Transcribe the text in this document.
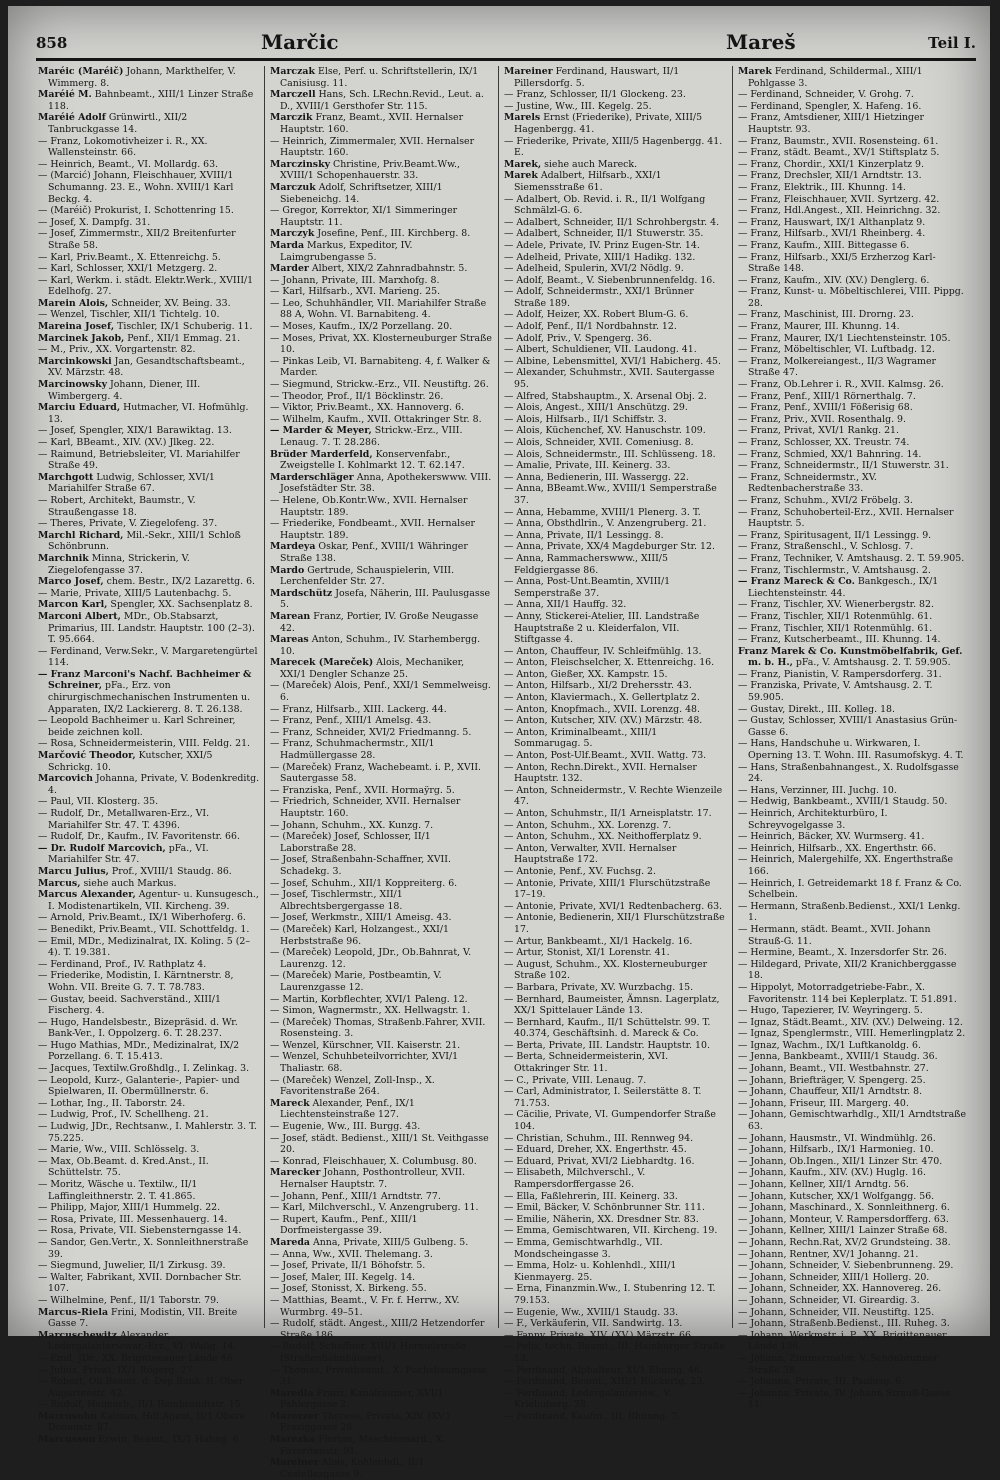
858	Marčic	Mareš	Teil I.

Maréic (Maréič) Johann, Markthelfer, V. Wimmerg. 8.

Maréié M. Bahnbeamt., XIII/1 Linzer Straße 118.

Maréié Adolf Grünwirtl., XII/2 Tanbruckgasse 14.

— Franz, Lokomotivheizer i. R., XX. Wallensteinstr. 66.

— Heinrich, Beamt., VI. Mollardg. 63.

— (Marcić) Johann, Fleischhauer, XVIII/1 Schumanng. 23. E., Wohn. XVIII/1 Karl Beckg. 4.

— (Maréič) Prokurist, I. Schottenring 15.

— Josef, X. Dampfg. 31.

— Josef, Zimmermstr., XII/2 Breitenfurter Straße 58.

— Karl, Priv.Beamt., X. Ettenreichg. 5.

— Karl, Schlosser, XXI/1 Metzgerg. 2.

— Karl, Werkm. i. städt. Elektr.Werk., XVIII/1 Edelhofg. 27.

Marein Alois, Schneider, XV. Being. 33.

— Wenzel, Tischler, XII/1 Tichtelg. 10.

Mareina Josef, Tischler, IX/1 Schuberig. 11.

Marcinek Jakob, Penf., XII/1 Emmag. 21.

— M., Priv., XX. Vorgartenstr. 82.

Marcinkowski Jan, Gesandtschaftsbeamt., XV. Märzstr. 48.

Marcinowsky Johann, Diener, III. Wimbergerg. 4.

Marciu Eduard, Hutmacher, VI. Hofmühlg. 13.

— Josef, Spengler, XIX/1 Barawiktag. 13.

— Karl, BBeamt., XIV. (XV.) Jlkeg. 22.

— Raimund, Betriebsleiter, VI. Mariahilfer Straße 49.

Marchgott Ludwig, Schlosser, XVI/1 Mariahilfer Straße 67.

— Robert, Architekt, Baumstr., V. Straußengasse 18.

— Theres, Private, V. Ziegelofeng. 37.

Marchl Richard, Mil.-Sekr., XIII/1 Schloß Schönbrunn.

Marchnik Minna, Strickerin, V. Ziegelofengasse 37.

Marco Josef, chem. Bestr., IX/2 Lazarettg. 6.

— Marie, Private, XIII/5 Lautenbachg. 5.

Marcon Karl, Spengler, XX. Sachsenplatz 8.

Marconi Albert, MDr., Ob.Stabsarzt, Primarius, III. Landstr. Hauptstr. 100 (2–3). T. 95.664.

— Ferdinand, Verw.Sekr., V. Margaretengürtel 114.

— Franz Marconi's Nachf. Bachheimer & Schreiner, pFa., Erz. von chirurgischmechanischen Instrumenten u. Apparaten, IX/2 Lackiererg. 8. T. 26.138.

— Leopold Bachheimer u. Karl Schreiner, beide zeichnen koll.

— Rosa, Schneidermeisterin, VIII. Feldg. 21.

Marčović Theodor, Kutscher, XXI/5 Schrickg. 10.

Marcovich Johanna, Private, V. Bodenkreditg. 4.

— Paul, VII. Klosterg. 35.

— Rudolf, Dr., Metallwaren-Erz., VI. Mariahilfer Str. 47. T. 4396.

— Rudolf, Dr., Kaufm., IV. Favoritenstr. 66.

— Dr. Rudolf Marcovich, pFa., VI. Mariahilfer Str. 47.

Marcu Julius, Prof., XVIII/1 Staudg. 86.

Marcus, siehe auch Markus.

Marcus Alexander, Agentur- u. Kunsugesch., I. Modistenartikeln, VII. Kircheng. 39.

— Arnold, Priv.Beamt., IX/1 Wiberhoferg. 6.

— Benedikt, Priv.Beamt., VII. Schottfeldg. 1.

— Emil, MDr., Medizinalrat, IX. Koling. 5 (2–4). T. 19.381.

— Ferdinand, Prof., IV. Rathplatz 4.

— Friederike, Modistin, I. Kärntnerstr. 8, Wohn. VII. Breite G. 7. T. 78.783.

— Gustav, beeid. Sachverständ., XIII/1 Fischerg. 4.

— Hugo, Handelsbestr., Bizepräsid. d. Wr. Bank-Ver., I. Oppolzerg. 6. T. 28.237.

— Hugo Mathias, MDr., Medizinalrat, IX/2 Porzellang. 6. T. 15.413.

— Jacques, Textilw.Großhdlg., I. Zelinkag. 3.

— Leopold, Kurz-, Galanterie-, Papier- und Spielwaren, II. Obermüllnerstr. 6.

— Lothar, Ing., II. Taborstr. 24.

— Ludwig, Prof., IV. Schellheng. 21.

— Ludwig, JDr., Rechtsanw., I. Mahlerstr. 3. T. 75.225.

— Marie, Ww., VIII. Schlösselg. 3.

— Max, Ob.Beamt. d. Kred.Anst., II. Schüttelstr. 75.

— Moritz, Wäsche u. Textilw., II/1 Laffingleithnerstr. 2. T. 41.865.

— Philipp, Major, XIII/1 Hummelg. 22.

— Rosa, Private, III. Messenhauerg. 14.

— Rosa, Private, VII. Siebensterngasse 14.

— Sandor, Gen.Vertr., X. Sonnleithnerstraße 39.

— Siegmund, Juwelier, II/1 Zirkusg. 39.

— Walter, Fabrikant, XVII. Dornbacher Str. 107.

— Wilhelmine, Penf., II/1 Taborstr. 79.

Marcus-Riela Frini, Modistin, VII. Breite Gasse 7.

Marcuschewitz Alexander, Ledergalanteriewar.-Erz., VI. Wallg. 14.

— Emil, JDr., XX. Brigittenauer Lände 46.

— Julius, Privat, IX/1 Rögerg. 27.

— Robert, Ob.Beamt. d. Dep.Bank, II. Ober Augartenstr. 42.

— Rudolf, Heimarb., II/1 Rembrandtstr. 15.

Marcusohn Kalman, Hdl.Agent, II/1 Obere Donaustr. 87.

Marcusson Erwin, Beamt., IX/1 Hahng. 6.

Marczak Else, Perf. u. Schriftstellerin, IX/1 Canisiusg. 11.

Marczell Hans, Sch. LRechn.Revid., Leut. a. D., XVIII/1 Gersthofer Str. 115.

Marczik Franz, Beamt., XVII. Hernalser Hauptstr. 160.

— Heinrich, Zimmermaler, XVII. Hernalser Hauptstr. 160.

Marczinsky Christine, Priv.Beamt.Ww., XVIII/1 Schopenhauerstr. 33.

Marczuk Adolf, Schriftsetzer, XIII/1 Siebeneichg. 14.

— Gregor, Korrektor, XI/1 Simmeringer Hauptstr. 11.

Marczyk Josefine, Penf., III. Kirchberg. 8.

Marda Markus, Expeditor, IV. Laimgrubengasse 5.

Marder Albert, XIX/2 Zahnradbahnstr. 5.

— Johann, Private, III. Marxhofg. 8.

— Karl, Hilfsarb., XVI. Marieng. 25.

— Leo, Schuhhändler, VII. Mariahilfer Straße 88 A, Wohn. VI. Barnabiteng. 4.

— Moses, Kaufm., IX/2 Porzellang. 20.

— Moses, Privat, XX. Klosterneuburger Straße 10.

— Pinkas Leib, VI. Barnabiteng. 4, f. Walker & Marder.

— Siegmund, Strickw.-Erz., VII. Neustiftg. 26.

— Theodor, Prof., II/1 Böcklinstr. 26.

— Viktor, Priv.Beamt., XX. Hannoverg. 6.

— Wilhelm, Kaufm., XVII. Ottakringer Str. 8.

— Marder & Meyer, Strickw.-Erz., VIII. Lenaug. 7. T. 28.286.

Brüder Marderfeld, Konservenfabr., Zweigstelle I. Kohlmarkt 12. T. 62.147.

Marderschläger Anna, Apothekerswww. VIII. Josefstädter Str. 38.

— Helene, Ob.Kontr.Ww., XVII. Hernalser Hauptstr. 189.

— Friederike, Fondbeamt., XVII. Hernalser Hauptstr. 189.

Mardeya Oskar, Penf., XVIII/1 Währinger Straße 138.

Mardo Gertrude, Schauspielerin, VIII. Lerchenfelder Str. 27.

Mardschütz Josefa, Näherin, III. Paulusgasse 5.

Marean Franz, Portier, IV. Große Neugasse 42.

Mareas Anton, Schuhm., IV. Starhembergg. 10.

Marecek (Mareček) Alois, Mechaniker, XXI/1 Dengler Schanze 25.

— (Mareček) Alois, Penf., XXI/1 Semmelweisg. 6.

— Franz, Hilfsarb., XIII. Lackerg. 44.

— Franz, Penf., XIII/1 Amelsg. 43.

— Franz, Schneider, XVI/2 Friedmanng. 5.

— Franz, Schuhmachermstr., XII/1 Hadmüllergasse 28.

— (Mareček) Franz, Wachebeamt. i. P., XVII. Sautergasse 58.

— Franziska, Penf., XVII. Hormaÿrg. 5.

— Friedrich, Schneider, XVII. Hernalser Hauptstr. 160.

— Johann, Schuhm., XX. Kunzg. 7.

— (Mareček) Josef, Schlosser, II/1 Laborstraße 28.

— Josef, Straßenbahn-Schaffner, XVII. Schadekg. 3.

— Josef, Schuhm., XII/1 Koppreiterg. 6.

— Josef, Tischlermstr., XII/1 Albrechtsbergergasse 18.

— Josef, Werkmstr., XIII/1 Ameisg. 43.

— (Mareček) Karl, Holzangest., XXI/1 Herbststraße 96.

— (Mareček) Leopold, JDr., Ob.Bahnrat, V. Laurenzg. 12.

— (Mareček) Marie, Postbeamtin, V. Laurenzgasse 12.

— Martin, Korbflechter, XVI/1 Paleng. 12.

— Simon, Wagnermstr., XX. Hellwagstr. 1.

— (Mareček) Thomas, Straßenb.Fahrer, XVII. Rosensteing. 3.

— Wenzel, Kürschner, VII. Kaiserstr. 21.

— Wenzel, Schuhbeteilvorrichter, XVI/1 Thaliastr. 68.

— (Mareček) Wenzel, Zoll-Insp., X. Favoritenstraße 264.

Mareck Alexander, Penf., IX/1 Liechtensteinstraße 127.

— Eugenie, Ww., III. Burgg. 43.

— Josef, städt. Bedienst., XIII/1 St. Veithgasse 20.

— Konrad, Fleischhauer, X. Columbusg. 80.

Marecker Johann, Posthontrolleur, XVII. Hernalser Hauptstr. 7.

— Johann, Penf., XIII/1 Arndtstr. 77.

— Karl, Milchverschl., V. Anzengruberg. 11.

— Rupert, Kaufm., Penf., XIII/1 Dorfmeistergasse 39.

Mareda Anna, Private, XIII/5 Gulbeng. 5.

— Anna, Ww., XVII. Thelemang. 3.

— Josef, Private, II/1 Böhofstr. 5.

— Josef, Maler, III. Kegelg. 14.

— Josef, Stonisst, X. Birkeng. 55.

— Matthias, Beamt., V. Fr. f. Herrw., XV. Wurmbrg. 49–51.

— Rudolf, städt. Angest., XIII/2 Hetzendorfer Straße 186.

— Rudolf, Schaffner, XIII/1 Hermelstraße (Straßenbahnhäuser).

— Thomas, Privatbeamt., X. Puchsbaumgasse 31.

Maredla Franz, Kanalräumer, XVI/1 Pahlergasse 2.

Marezzer Therese, Private, XIV. (XV.) Fraziggasse 28.

Marezka Florian, Maschinenard., X. Favoritenstr. 91.

Mareiner Alois, Kohlenhdl., II/1 Castellezgasse 9.

Mareiner Ferdinand, Hauswart, II/1 Pillersdorfg. 5.

— Franz, Schlosser, II/1 Glockeng. 23.

— Justine, Ww., III. Kegelg. 25.

Marels Ernst (Friederike), Private, XIII/5 Hagenbergg. 41.

— Friederike, Private, XIII/5 Hagenbergg. 41. E.

Marek, siehe auch Mareck.

Marek Adalbert, Hilfsarb., XXI/1 Siemensstraße 61.

— Adalbert, Ob. Revid. i. R., II/1 Wolfgang Schmälzl-G. 6.

— Adalbert, Schneider, II/1 Schrohbergstr. 4.

— Adalbert, Schneider, II/1 Stuwerstr. 35.

— Adele, Private, IV. Prinz Eugen-Str. 14.

— Adelheid, Private, XIII/1 Hadikg. 132.

— Adelheid, Spulerin, XVI/2 Nödlg. 9.

— Adolf, Beamt., V. Siebenbrunnenfeldg. 16.

— Adolf, Schneidermstr., XXI/1 Brünner Straße 189.

— Adolf, Heizer, XX. Robert Blum-G. 6.

— Adolf, Penf., II/1 Nordbahnstr. 12.

— Adolf, Priv., V. Spengerg. 36.

— Albert, Schuldiener, VII. Laudong. 41.

— Albine, Lebensmittel, XVI/1 Habicherg. 45.

— Alexander, Schuhmstr., XVII. Sautergasse 95.

— Alfred, Stabshauptm., X. Arsenal Obj. 2.

— Alois, Angest., XIII/1 Anschützg. 29.

— Alois, Hilfsarb., II/1 Schiffstr. 3.

— Alois, Küchenchef, XV. Hanuschstr. 109.

— Alois, Schneider, XVII. Comeniusg. 8.

— Alois, Schneidermstr., III. Schlüsseng. 18.

— Amalie, Private, III. Keinerg. 33.

— Anna, Bedienerin, III. Wassergg. 22.

— Anna, BBeamt.Ww., XVIII/1 Semperstraße 37.

— Anna, Hebamme, XVIII/1 Plenerg. 3. T.

— Anna, Obsthdlrin., V. Anzengruberg. 21.

— Anna, Private, II/1 Lessingg. 8.

— Anna, Private, XX/4 Magdeburger Str. 12.

— Anna, Rammacherswww., XIII/5 Feldgiergasse 86.

— Anna, Post-Unt.Beamtin, XVIII/1 Semperstraße 37.

— Anna, XII/1 Hauffg. 32.

— Anny, Stickerei-Atelier, III. Landstraße Hauptstraße 2 u. Kleiderfalon, VII. Stiftgasse 4.

— Anton, Chauffeur, IV. Schleifmühlg. 13.

— Anton, Fleischselcher, X. Ettenreichg. 16.

— Anton, Gießer, XX. Kampstr. 15.

— Anton, Hilfsarb., XI/2 Drehersstr. 43.

— Anton, Klaviermach., X. Gellertplatz 2.

— Anton, Knopfmach., XVII. Lorenzg. 48.

— Anton, Kutscher, XIV. (XV.) Märzstr. 48.

— Anton, Kriminalbeamt., XIII/1 Sommarugag. 5.

— Anton, Post-Ulf.Beamt., XVII. Wattg. 73.

— Anton, Rechn.Direkt., XVII. Hernalser Hauptstr. 132.

— Anton, Schneidermstr., V. Rechte Wienzeile 47.

— Anton, Schuhmstr., II/1 Arneisplatstr. 17.

— Anton, Schuhm., XX. Lorenzg. 7.

— Anton, Schuhm., XX. Neithofferplatz 9.

— Anton, Verwalter, XVII. Hernalser Hauptstraße 172.

— Antonie, Penf., XV. Fuchsg. 2.

— Antonie, Private, XIII/1 Flurschützstraße 17–19.

— Antonie, Private, XVI/1 Redtenbacherg. 63.

— Antonie, Bedienerin, XII/1 Flurschützstraße 17.

— Artur, Bankbeamt., XI/1 Hackelg. 16.

— Artur, Stonist, XI/1 Lorenstr. 41.

— August, Schuhm., XX. Klosterneuburger Straße 102.

— Barbara, Private, XV. Wurzbachg. 15.

— Bernhard, Baumeister, Ämnsn. Lagerplatz, XX/1 Spittelauer Lände 13.

— Bernhard, Kaufm., II/1 Schüttelstr. 99. T. 40.374, Geschäftsinh. d. Mareck & Co.

— Berta, Private, III. Landstr. Hauptstr. 10.

— Berta, Schneidermeisterin, XVI. Ottakringer Str. 11.

— C., Private, VIII. Lenaug. 7.

— Carl, Administrator, I. Seilerstätte 8. T. 71.753.

— Cäcilie, Private, VI. Gumpendorfer Straße 104.

— Christian, Schuhm., III. Rennweg 94.

— Eduard, Dreher, XX. Engerthstr. 45.

— Eduard, Privat, XVI/2 Liebhardtg. 16.

— Elisabeth, Milchverschl., V. Rampersdorffergasse 26.

— Ella, Faßlehrerin, III. Keinerg. 33.

— Emil, Bäcker, V. Schönbrunner Str. 111.

— Emilie, Näherin, XX. Dresdner Str. 83.

— Emma, Gemischtwaren, VII. Kircheng. 19.

— Emma, Gemischtwarhdlg., VII. Mondscheingasse 3.

— Emma, Holz- u. Kohlenhdl., XIII/1 Kienmayerg. 25.

— Erna, Finanzmin.Ww., I. Stubenring 12. T. 79.153.

— Eugenie, Ww., XVIII/1 Staudg. 33.

— F., Verkäuferin, VII. Sandwirtg. 13.

— Fanny, Private, XIV. (XV.) Märzstr. 66.

— Felix, techn. Beamt., III. Hainburger Straße 13.

— Ferdinand, Alphalteur, XI/1 Ehamg. 46.

— Ferdinand, Beamt., XIII/1 Rückertg. 23.

— Ferdinand, Ledergalanteriew., V. Kriehuberg. 28.

— Ferdinand, Kaufm., III. Rhunng. 7.

Marek Ferdinand, Schildermal., XIII/1 Pohlgasse 3.

— Ferdinand, Schneider, V. Grohg. 7.

— Ferdinand, Spengler, X. Hafeng. 16.

— Franz, Amtsdiener, XIII/1 Hietzinger Hauptstr. 93.

— Franz, Baumstr., XVII. Rosensteing. 61.

— Franz, städt. Beamt., XV/1 Stiftsplatz 5.

— Franz, Chordir., XXI/1 Kinzerplatz 9.

— Franz, Drechsler, XII/1 Arndtstr. 13.

— Franz, Elektrik., III. Khunng. 14.

— Franz, Fleischhauer, XVII. Syrtzerg. 42.

— Franz, Hdl.Angest., XII. Heinrichng. 32.

— Franz, Hauswart, IX/1 Althanplatz 9.

— Franz, Hilfsarb., XVI/1 Rheinberg. 4.

— Franz, Kaufm., XIII. Bittegasse 6.

— Franz, Hilfsarb., XXI/5 Erzherzog Karl-Straße 148.

— Franz, Kaufm., XIV. (XV.) Denglerg. 6.

— Franz, Kunst- u. Möbeltischlerei, VIII. Pippg. 28.

— Franz, Maschinist, III. Drorng. 23.

— Franz, Maurer, III. Khunng. 14.

— Franz, Maurer, IX/1 Liechtensteinstr. 105.

— Franz, Möbeltischler, VI. Luftbadg. 12.

— Franz, Molkereiangest., II/3 Wagramer Straße 47.

— Franz, Ob.Lehrer i. R., XVII. Kalmsg. 26.

— Franz, Penf., XIII/1 Rörnerthalg. 7.

— Franz, Penf., XVIII/1 Fößerisig 68.

— Franz, Priv., XVII. Rosenthalg. 9.

— Franz, Privat, XVI/1 Rankg. 21.

— Franz, Schlosser, XX. Treustr. 74.

— Franz, Schmied, XX/1 Bahnring. 14.

— Franz, Schneidermstr., II/1 Stuwerstr. 31.

— Franz, Schneidermstr., XV. Redtenbacherstraße 33.

— Franz, Schuhm., XVI/2 Fröbelg. 3.

— Franz, Schuhoberteil-Erz., XVII. Hernalser Hauptstr. 5.

— Franz, Spiritusagent, II/1 Lessingg. 9.

— Franz, Straßenschl., V. Schlosg. 7.

— Franz, Techniker, V. Amtshausg. 2. T. 59.905.

— Franz, Tischlermstr., V. Amtshausg. 2.

— Franz Mareck & Co. Bankgesch., IX/1 Liechtensteinstr. 44.

— Franz, Tischler, XV. Wienerbergstr. 82.

— Franz, Tischler, XII/1 Rotenmühlg. 61.

— Franz, Tischler, XII/1 Rotenmühlg. 61.

— Franz, Kutscherbeamt., III. Khunng. 14.

Franz Marek & Co. Kunstmöbelfabrik, Gef. m. b. H., pFa., V. Amtshausg. 2. T. 59.905.

— Franz, Pianistin, V. Rampersdorferg. 31.

— Franziska, Private, V. Amtshausg. 2. T. 59.905.

— Gustav, Direkt., III. Kolleg. 18.

— Gustav, Schlosser, XVIII/1 Anastasius Grün-Gasse 6.

— Hans, Handschuhe u. Wirkwaren, I. Operning 13. T. Wohn. III. Rasumofskyg. 4. T.

— Hans, Straßenbahnangest., X. Rudolfsgasse 24.

— Hans, Verzinner, III. Juchg. 10.

— Hedwig, Bankbeamt., XVIII/1 Staudg. 50.

— Heinrich, Architekturbüro, I. Schreyvogelgasse 3.

— Heinrich, Bäcker, XV. Wurmserg. 41.

— Heinrich, Hilfsarb., XX. Engerthstr. 66.

— Heinrich, Malergehilfe, XX. Engerthstraße 166.

— Heinrich, I. Getreidemarkt 18 f. Franz & Co. Schelbein.

— Hermann, Straßenb.Bedienst., XXI/1 Lenkg. 1.

— Hermann, städt. Beamt., XVII. Johann Strauß-G. 11.

— Hermine, Beamt., X. Inzersdorfer Str. 26.

— Hildegard, Private, XII/2 Kranichberggasse 18.

— Hippolyt, Motorradgetriebe-Fabr., X. Favoritenstr. 114 bei Keplerplatz. T. 51.891.

— Hugo, Tapezierer, IV. Weyringerg. 5.

— Ignaz, Städt.Beamt., XIV. (XV.) Delweing. 12.

— Ignaz, Spenglermstr., VIII. Hemerlingplatz 2.

— Ignaz, Wachm., IX/1 Luftkanoldg. 6.

— Jenna, Bankbeamt., XVIII/1 Staudg. 36.

— Johann, Beamt., VII. Westbahnstr. 27.

— Johann, Briefträger, V. Spengerg. 25.

— Johann, Chauffeur, XII/1 Arndtstr. 8.

— Johann, Friseur, III. Margerg. 40.

— Johann, Gemischtwarhdlg., XII/1 Arndtstraße 63.

— Johann, Hausmstr., VI. Windmühlg. 26.

— Johann, Hilfsarb., IX/1 Harmonieg. 10.

— Johann, Ob.Ingen., XII/1 Linzer Str. 470.

— Johann, Kaufm., XIV. (XV.) Huglg. 16.

— Johann, Kellner, XII/1 Arndtg. 56.

— Johann, Kutscher, XX/1 Wolfgangg. 56.

— Johann, Maschinard., X. Sonnleithnerg. 6.

— Johann, Monteur, V. Rampersdorfferg. 63.

— Johann, Kellner, XIII/1 Lainzer Straße 68.

— Johann, Rechn.Rat, XV/2 Grundsteing. 38.

— Johann, Rentner, XV/1 Johanng. 21.

— Johann, Schneider, V. Siebenbrunneng. 29.

— Johann, Schneider, XIII/1 Hollerg. 20.

— Johann, Schneider, XX. Hannovereg. 26.

— Johann, Schneider, VI. Gireardig. 3.

— Johann, Schneider, VII. Neustiftg. 125.

— Johann, Straßenb.Bedienst., III. Ruheg. 3.

— Johann, Werkmstr. i. P., XX. Brigittenauer Lände 136.

— Johann, Zimmermaler, V. Schönbrunner Straße 38.

— Johanna, Private, III. Paulusg. 6.

— Johanna, Private, IV. Johann Strauß-Gasse 11.
